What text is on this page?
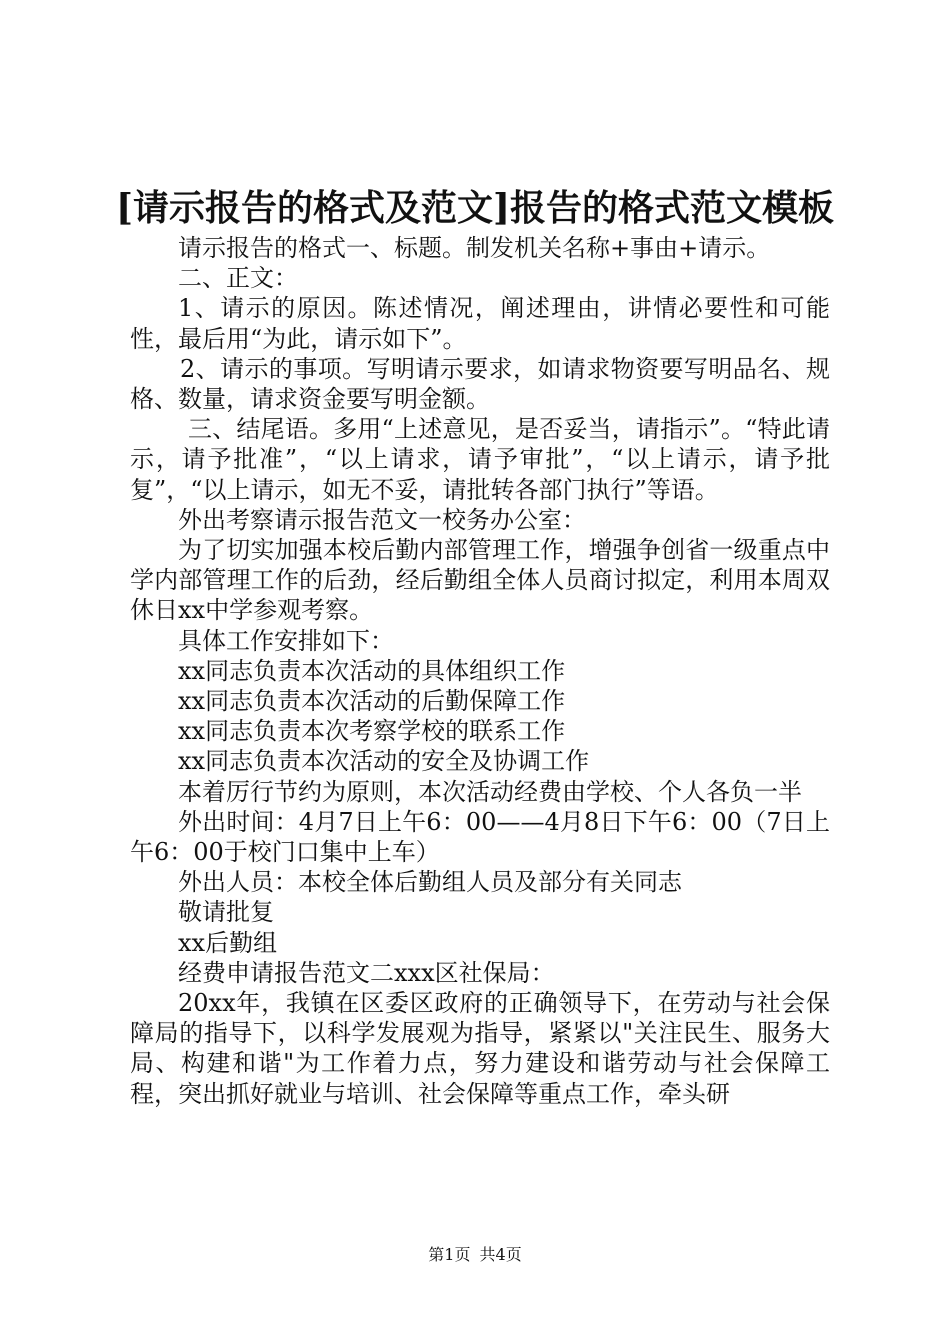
[请示报告的格式及范文]报告的格式范文模板

请示报告的格式一、标题。制发机关名称+事由+请示。

二、正文：

1、请示的原因。陈述情况，阐述理由，讲情必要性和可能性，最后用“为此，请示如下”。

2、请示的事项。写明请示要求，如请求物资要写明品名、规格、数量，请求资金要写明金额。

三、结尾语。多用“上述意见，是否妥当，请指示”。“特此请示，请予批准”，“以上请求，请予审批”，“以上请示，请予批复”，“以上请示，如无不妥，请批转各部门执行”等语。

外出考察请示报告范文一校务办公室：

为了切实加强本校后勤内部管理工作，增强争创省一级重点中学内部管理工作的后劲，经后勤组全体人员商讨拟定，利用本周双休日xx中学参观考察。

具体工作安排如下：

xx同志负责本次活动的具体组织工作

xx同志负责本次活动的后勤保障工作

xx同志负责本次考察学校的联系工作

xx同志负责本次活动的安全及协调工作

本着厉行节约为原则，本次活动经费由学校、个人各负一半

外出时间：4月7日上午6：00——4月8日下午6：00（7日上午6：00于校门口集中上车）

外出人员：本校全体后勤组人员及部分有关同志

敬请批复

xx后勤组

经费申请报告范文二xxx区社保局：

20xx年，我镇在区委区政府的正确领导下，在劳动与社会保障局的指导下，以科学发展观为指导，紧紧以"关注民生、服务大局、构建和谐"为工作着力点，努力建设和谐劳动与社会保障工程，突出抓好就业与培训、社会保障等重点工作，牵头研

第1页 共4页
